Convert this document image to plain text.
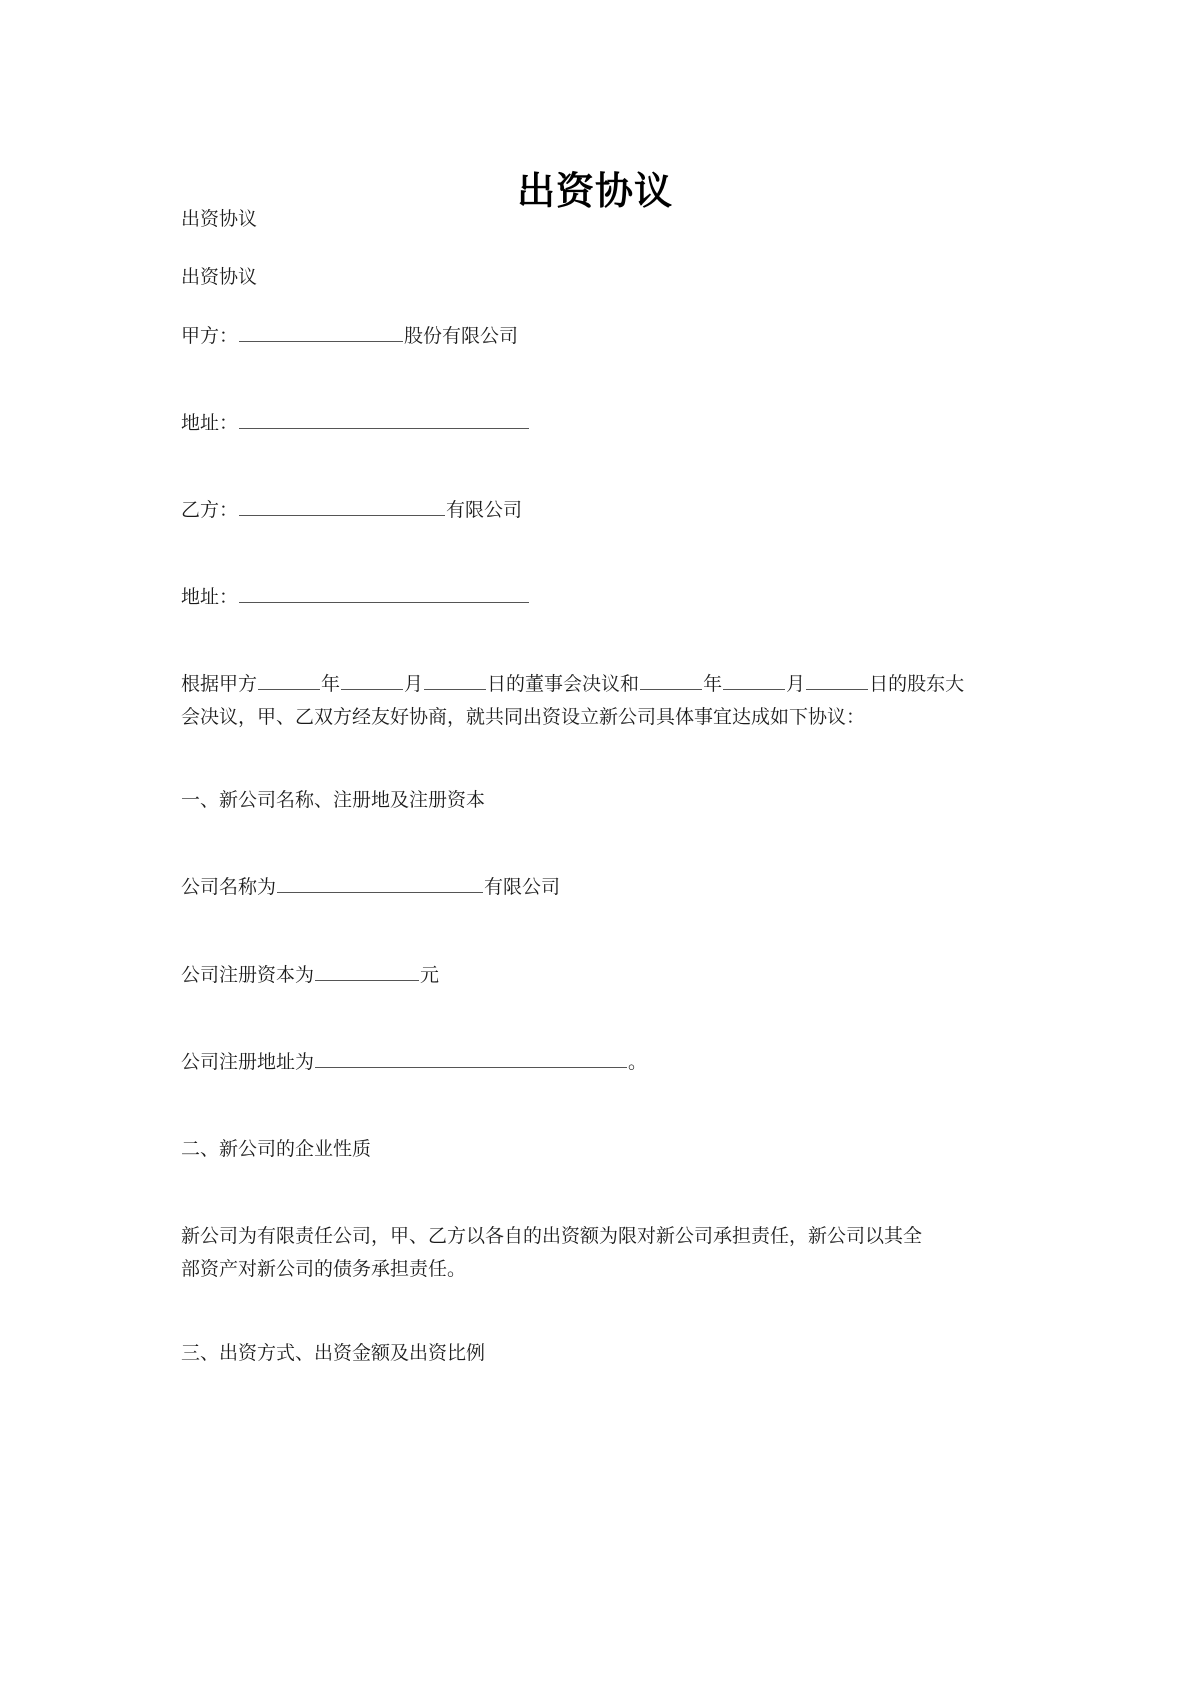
出资协议
出资协议
出资协议
甲方：	股份有限公司
地址：
乙方：	有限公司
地址：
根据甲方	年	月	日的董事会决议和	年	月	日的股东大
会决议，甲、乙双方经友好协商，就共同出资设立新公司具体事宜达成如下协议：
一、新公司名称、注册地及注册资本
公司名称为	有限公司
公司注册资本为	元
公司注册地址为	。
二、新公司的企业性质
新公司为有限责任公司，甲、乙方以各自的出资额为限对新公司承担责任，新公司以其全
部资产对新公司的债务承担责任。
三、出资方式、出资金额及出资比例
